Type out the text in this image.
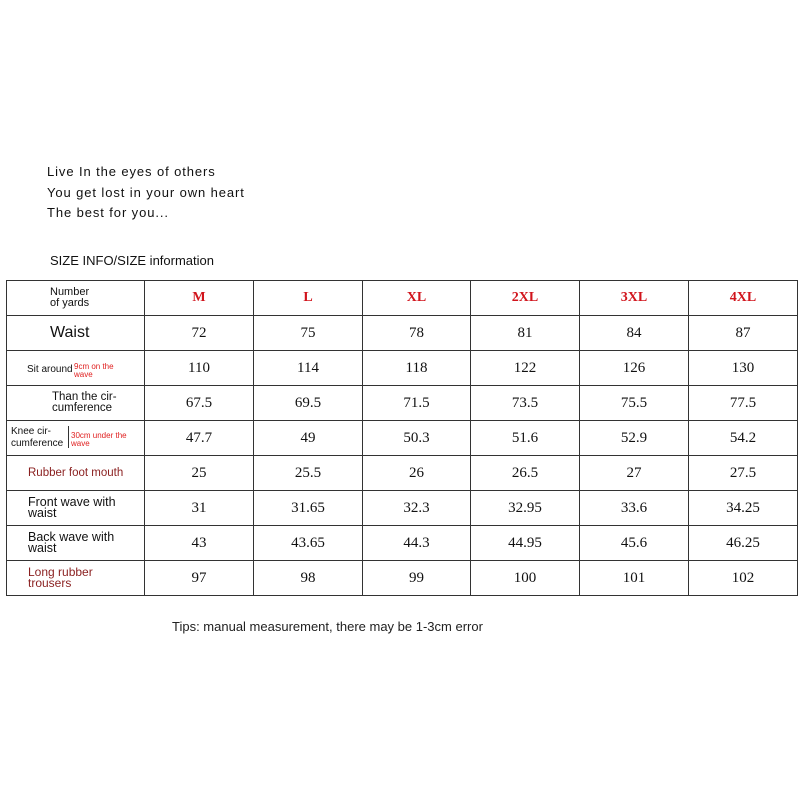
Live In the eyes of others
You get lost in your own heart
The best for you...
SIZE INFO/SIZE information
Number
of yards	M	L	XL	2XL	3XL	4XL

Waist	72	75	78	81	84	87

Sit around 9cm on the
wave	110	114	118	122	126	130

Than the cir-
cumference	67.5	69.5	71.5	73.5	75.5	77.5

Knee cir-
cumference
30cm under the
wave	47.7	49	50.3	51.6	52.9	54.2

Rubber foot mouth	25	25.5	26	26.5	27	27.5

Front wave with
waist	31	31.65	32.3	32.95	33.6	34.25

Back wave with
waist	43	43.65	44.3	44.95	45.6	46.25

Long rubber
trousers	97	98	99	100	101	102
Tips: manual measurement, there may be 1-3cm error
